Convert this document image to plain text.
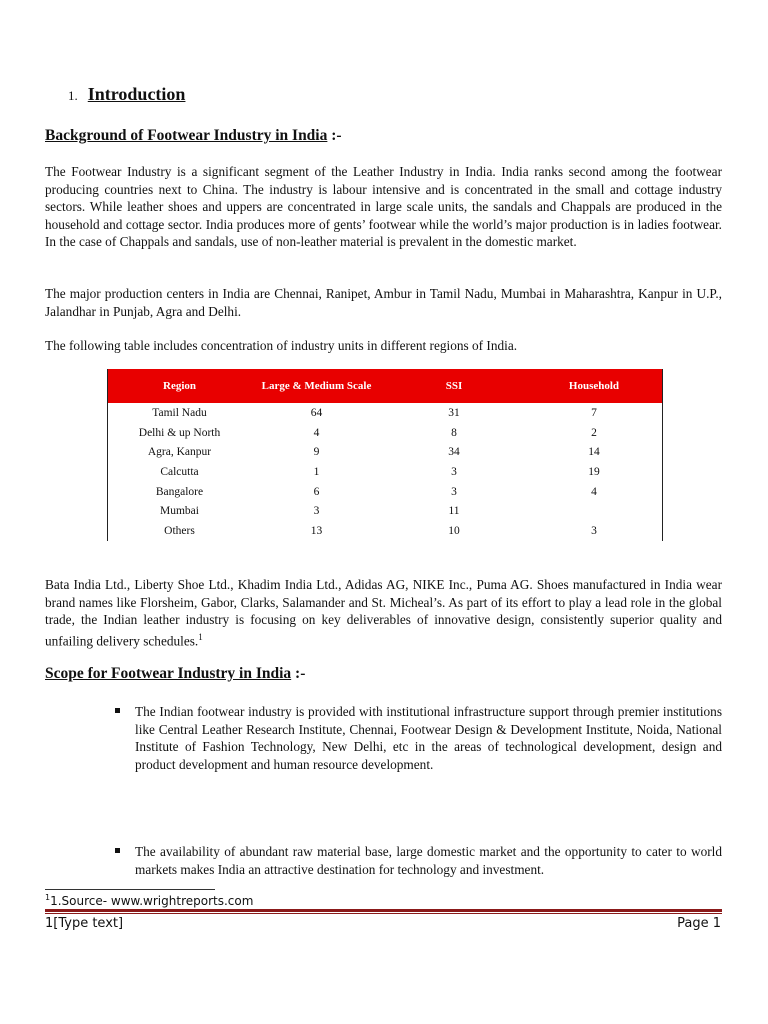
1. Introduction
Background of Footwear Industry in India :-
The Footwear Industry is a significant segment of the Leather Industry in India. India ranks second among the footwear producing countries next to China. The industry is labour intensive and is concentrated in the small and cottage industry sectors. While leather shoes and uppers are concentrated in large scale units, the sandals and Chappals are produced in the household and cottage sector. India produces more of gents’ footwear while the world’s major production is in ladies footwear. In the case of Chappals and sandals, use of non-leather material is prevalent in the domestic market.
The major production centers in India are Chennai, Ranipet, Ambur in Tamil Nadu, Mumbai in Maharashtra, Kanpur in U.P., Jalandhar in Punjab, Agra and Delhi.
The following table includes concentration of industry units in different regions of India.
Region	Large & Medium Scale	SSI	Household
Tamil Nadu	64	31	7
Delhi & up North	4	8	2
Agra, Kanpur	9	34	14
Calcutta	1	3	19
Bangalore	6	3	4
Mumbai	3	11
Others	13	10	3
Bata India Ltd., Liberty Shoe Ltd., Khadim India Ltd., Adidas AG, NIKE Inc., Puma AG. Shoes manufactured in India wear brand names like Florsheim, Gabor, Clarks, Salamander and St. Micheal’s. As part of its effort to play a lead role in the global trade, the Indian leather industry is focusing on key deliverables of innovative design, consistently superior quality and unfailing delivery schedules.$^1$
Scope for Footwear Industry in India :-
The Indian footwear industry is provided with institutional infrastructure support through premier institutions like Central Leather Research Institute, Chennai, Footwear Design & Development Institute, Noida, National Institute of Fashion Technology, New Delhi, etc in the areas of technological development, design and product development and human resource development.
The availability of abundant raw material base, large domestic market and the opportunity to cater to world markets makes India an attractive destination for technology and investment.
$^1$1.Source- www.wrightreports.com
1[Type text]	Page 1
